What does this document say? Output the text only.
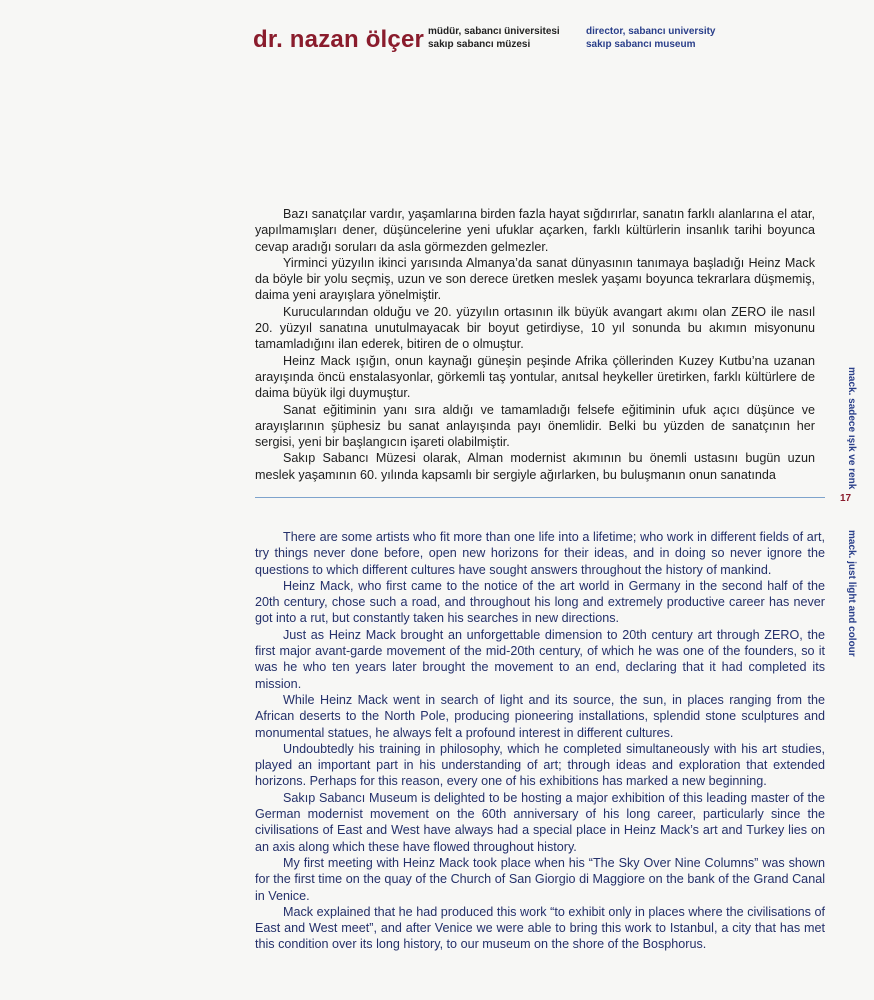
dr. nazan ölçer müdür, sabancı üniversitesi
sakıp sabancı müzesi
director, sabancı university
sakıp sabancı museum

Bazı sanatçılar vardır, yaşamlarına birden fazla hayat sığdırırlar, sanatın farklı alanlarına el atar, yapılmamışları dener, düşüncelerine yeni ufuklar açarken, farklı kültürlerin insanlık tarihi boyunca cevap aradığı soruları da asla görmezden gelmezler.

Yirminci yüzyılın ikinci yarısında Almanya’da sanat dünyasının tanımaya başladığı Heinz Mack da böyle bir yolu seçmiş, uzun ve son derece üretken meslek yaşamı boyunca tekrarlara düşmemiş, daima yeni arayışlara yönelmiştir.

Kurucularından olduğu ve 20. yüzyılın ortasının ilk büyük avangart akımı olan ZERO ile nasıl 20. yüzyıl sanatına unutulmayacak bir boyut getirdiyse, 10 yıl sonunda bu akımın misyonunu tamamladığını ilan ederek, bitiren de o olmuştur.

Heinz Mack ışığın, onun kaynağı güneşin peşinde Afrika çöllerinden Kuzey Kutbu’na uzanan arayışında öncü enstalasyonlar, görkemli taş yontular, anıtsal heykeller üretirken, farklı kültürlere de daima büyük ilgi duymuştur.

Sanat eğitiminin yanı sıra aldığı ve tamamladığı felsefe eğitiminin ufuk açıcı düşünce ve arayışlarının şüphesiz bu sanat anlayışında payı önemlidir. Belki bu yüzden de sanatçının her sergisi, yeni bir başlangıcın işareti olabilmiştir.

Sakıp Sabancı Müzesi olarak, Alman modernist akımının bu önemli ustasını bugün uzun meslek yaşamının 60. yılında kapsamlı bir sergiyle ağırlarken, bu buluşmanın onun sanatında

There are some artists who fit more than one life into a lifetime; who work in different fields of art, try things never done before, open new horizons for their ideas, and in doing so never ignore the questions to which different cultures have sought answers throughout the history of mankind.

Heinz Mack, who first came to the notice of the art world in Germany in the second half of the 20th century, chose such a road, and throughout his long and extremely productive career has never got into a rut, but constantly taken his searches in new directions.

Just as Heinz Mack brought an unforgettable dimension to 20th century art through ZERO, the first major avant-garde movement of the mid-20th century, of which he was one of the founders, so it was he who ten years later brought the movement to an end, declaring that it had completed its mission.

While Heinz Mack went in search of light and its source, the sun, in places ranging from the African deserts to the North Pole, producing pioneering installations, splendid stone sculptures and monumental statues, he always felt a profound interest in different cultures.

Undoubtedly his training in philosophy, which he completed simultaneously with his art studies, played an important part in his understanding of art; through ideas and exploration that extended horizons. Perhaps for this reason, every one of his exhibitions has marked a new beginning.

Sakıp Sabancı Museum is delighted to be hosting a major exhibition of this leading master of the German modernist movement on the 60th anniversary of his long career, particularly since the civilisations of East and West have always had a special place in Heinz Mack’s art and Turkey lies on an axis along which these have flowed throughout history.

My first meeting with Heinz Mack took place when his “The Sky Over Nine Columns” was shown for the first time on the quay of the Church of San Giorgio di Maggiore on the bank of the Grand Canal in Venice.

Mack explained that he had produced this work “to exhibit only in places where the civilisations of East and West meet”, and after Venice we were able to bring this work to Istanbul, a city that has met this condition over its long history, to our museum on the shore of the Bosphorus.

mack. sadece ışık ve renk
17
mack. just light and colour
